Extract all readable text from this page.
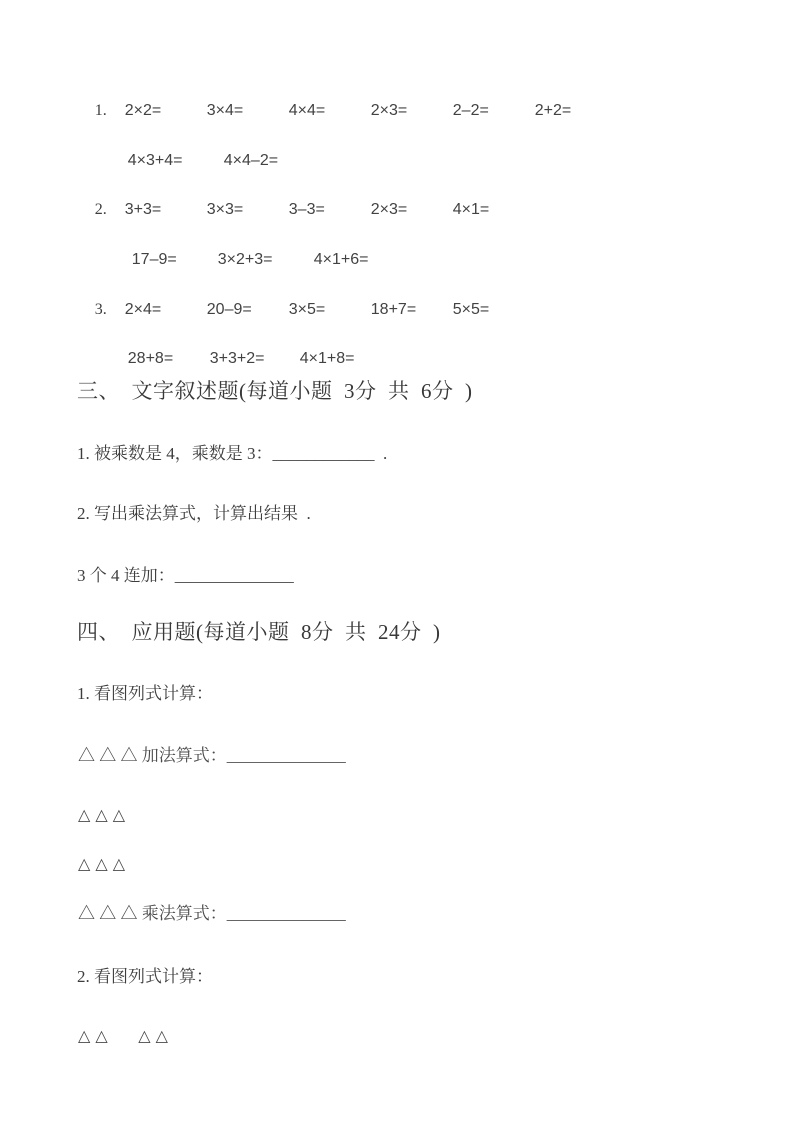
1. 2×2=	3×4=	4×4=	2×3=	2–2=	2+2=

4×3+4=	4×4–2=

2. 3+3=	3×3=	3–3=	2×3=	4×1=

17–9=	3×2+3=	4×1+6=

3. 2×4=	20–9= 3×5=	18+7= 5×5=

28+8= 3+3+2= 4×1+8=

三、  文字叙述题(每道小题  3分  共  6分  )
1. 被乘数是 4，乘数是 3：____________  .
2. 写出乘法算式，计算出结果  .
3 个 4 连加：______________
四、  应用题(每道小题  8分  共  24分  )
1. 看图列式计算：
△ △ △ 加法算式：______________
△ △ △
△ △ △
△ △ △ 乘法算式：______________
2. 看图列式计算：
△ △      △ △
